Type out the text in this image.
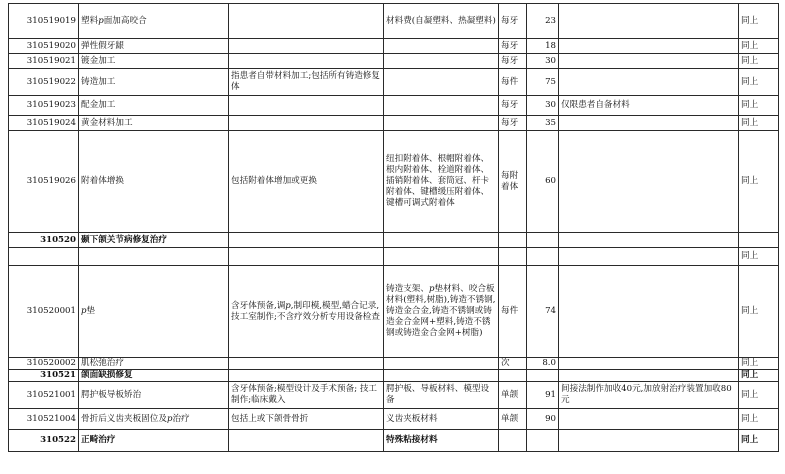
310519019	塑料𝑝面加高咬合		材料费(自凝塑料、热凝塑料)	每牙	23		同上
310519020	弹性假牙龈			每牙	18		同上
310519021	镀金加工			每牙	30		同上
310519022	铸造加工	指患者自带材料加工;包括所有铸造修复体		每件	75		同上
310519023	配金加工			每牙	30	仅限患者自备材料	同上
310519024	黄金材料加工			每牙	35		同上
310519026	附着体增换	包括附着体增加或更换	纽扣附着体、根帽附着体、根内附着体、栓道附着体、插销附着体、套筒冠、杆卡附着体、键槽缓压附着体、键槽可调式附着体	每附着体	60		同上
310520	颞下颌关节病修复治疗						
							同上
310520001	𝑝垫	含牙体预备,调𝑝,制印模,模型,蜡合记录,技工室制作;不含疗效分析专用设备检查	铸造支架、𝑝垫材料、咬合板材料(塑料,树脂),铸造不锈钢,铸造金合金,铸造不锈钢或铸造金合金网+塑料,铸造不锈钢或铸造金合金网+树脂)	每件	74		同上
310520002	肌松弛治疗			次	8.0		同上
310521	颌面缺损修复						同上
310521001	腭护板导板矫治	含牙体预备;模型设计及手术预备; 技工制作;临床戴入	腭护板、导板材料、模型设备	单颌	91	间接法制作加收40元,加放射治疗装置加收80元	同上
310521004	骨折后义齿夹板固位及𝑝治疗	包括上或下颌骨骨折	义齿夹板材料	单颌	90		同上
310522	正畸治疗		特殊粘接材料				同上
